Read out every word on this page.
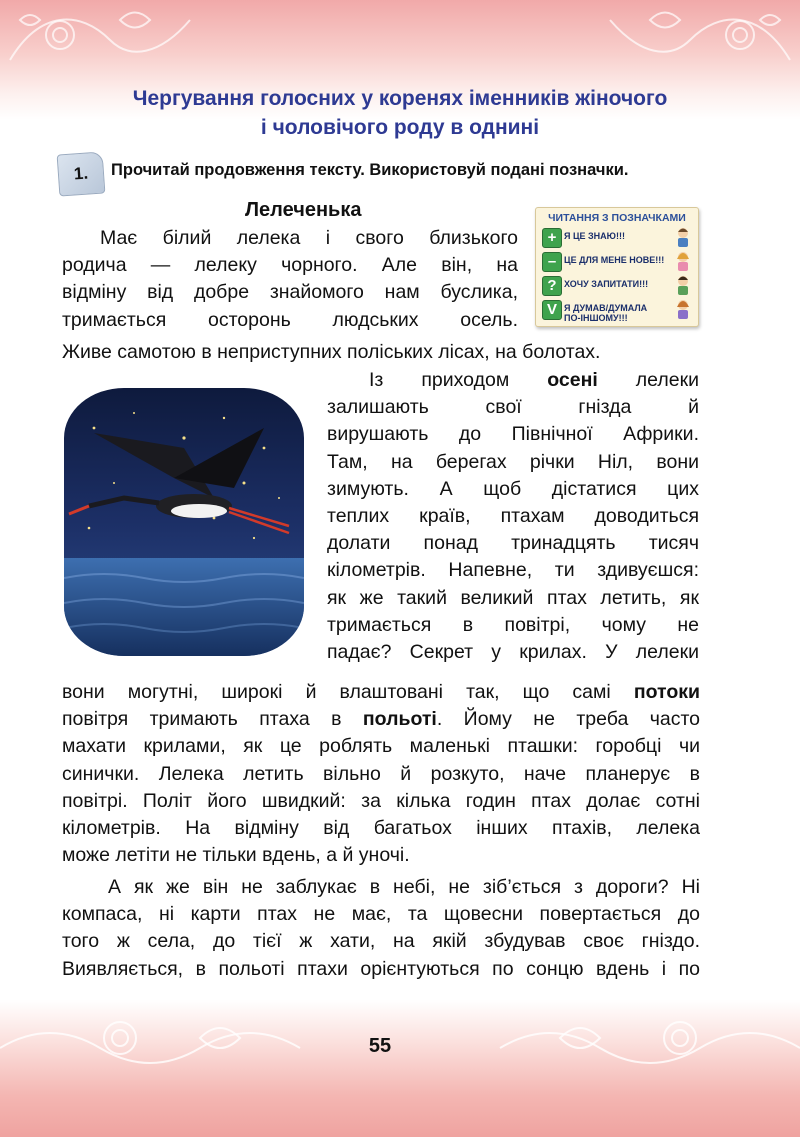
Чергування голосних у коренях іменників жіночого
і чоловічого роду в однині
1.	Прочитай продовження тексту. Використовуй подані позначки.
Лелеченька	ЧИТАННЯ З ПОЗНАЧКАМИ
+ Я ЦЕ ЗНАЮ!!!
– ЦЕ ДЛЯ МЕНЕ НОВЕ!!!
? ХОЧУ ЗАПИТАТИ!!!
V Я ДУМАВ/ДУМАЛА
ПО-ІНШОМУ!!!
Має білий лелека і свого близького
родича — лелеку чорного. Але він, на
відміну від добре знайомого нам буслика,
тримається осторонь людських осель.
Живе самотою в неприступних поліських лісах, на болотах.
Із приходом осені лелеки
залишають свої гнізда й
вирушають до Північної Африки.
Там, на берегах річки Ніл, вони
зимують. А щоб дістатися цих
теплих країв, птахам доводиться
долати понад тринадцять тисяч
кілометрів. Напевне, ти здивуєшся:
як же такий великий птах летить, як
тримається в повітрі, чому не
падає? Секрет у крилах. У лелеки
вони могутні, широкі й влаштовані так, що самі потоки
повітря тримають птаха в польоті. Йому не треба часто
махати крилами, як це роблять маленькі пташки: горобці чи
синички. Лелека летить вільно й розкуто, наче планерує в
повітрі. Політ його швидкий: за кілька годин птах долає сотні
кілометрів. На відміну від багатьох інших птахів, лелека
може летіти не тільки вдень, а й уночі.
А як же він не заблукає в небі, не зіб’ється з дороги? Ні
компаса, ні карти птах не має, та щовесни повертається до
того ж села, до тієї ж хати, на якій збудував своє гніздо.
Виявляється, в польоті птахи орієнтуються по сонцю вдень і по
55
